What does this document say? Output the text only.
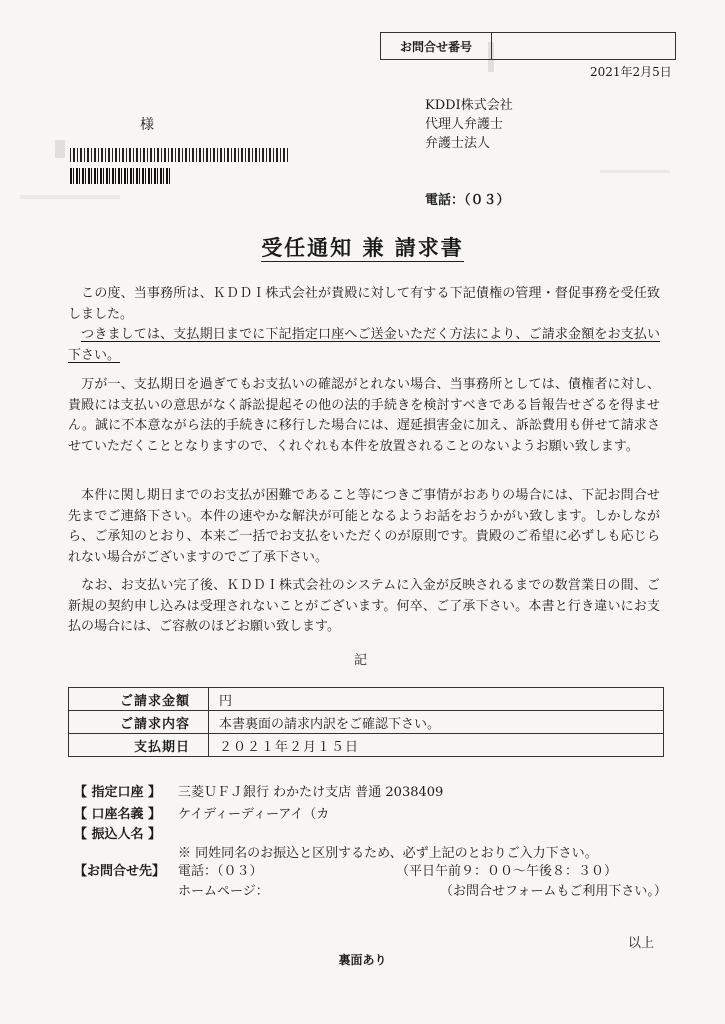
お問合せ番号
2021年2月5日
様
KDDI株式会社
代理人弁護士
弁護士法人
電話：（０３）
受任通知 兼 請求書
この度、当事務所は、ＫＤＤＩ株式会社が貴殿に対して有する下記債権の管理・督促事務を受任致しました。
つきましては、支払期日までに下記指定口座へご送金いただく方法により、ご請求金額をお支払い下さい。
万が一、支払期日を過ぎてもお支払いの確認がとれない場合、当事務所としては、債権者に対し、貴殿には支払いの意思がなく訴訟提起その他の法的手続きを検討すべきである旨報告せざるを得ません。誠に不本意ながら法的手続きに移行した場合には、遅延損害金に加え、訴訟費用も併せて請求させていただくこととなりますので、くれぐれも本件を放置されることのないようお願い致します。
本件に関し期日までのお支払が困難であること等につきご事情がおありの場合には、下記お問合せ先までご連絡下さい。本件の速やかな解決が可能となるようお話をおうかがい致します。しかしながら、ご承知のとおり、本来ご一括でお支払をいただくのが原則です。貴殿のご希望に必ずしも応じられない場合がございますのでご了承下さい。
なお、お支払い完了後、ＫＤＤＩ株式会社のシステムに入金が反映されるまでの数営業日の間、ご新規の契約申し込みは受理されないことがございます。何卒、ご了承下さい。本書と行き違いにお支払の場合には、ご容赦のほどお願い致します。
記
ご請求金額	円
ご請求内容	本書裏面の請求内訳をご確認下さい。
支払期日	２０２１年２月１５日
【 指定口座 】 三菱ＵＦＪ銀行 わかたけ支店 普通 2038409
【 口座名義 】 ケイディーディーアイ（カ
【 振込人名 】
※ 同姓同名のお振込と区別するため、必ず上記のとおりご入力下さい。
【お問合せ先】 電話：（０３）	（平日午前９：００～午後８：３０）
ホームページ：	（お問合せフォームもご利用下さい。）
以上
裏面あり
